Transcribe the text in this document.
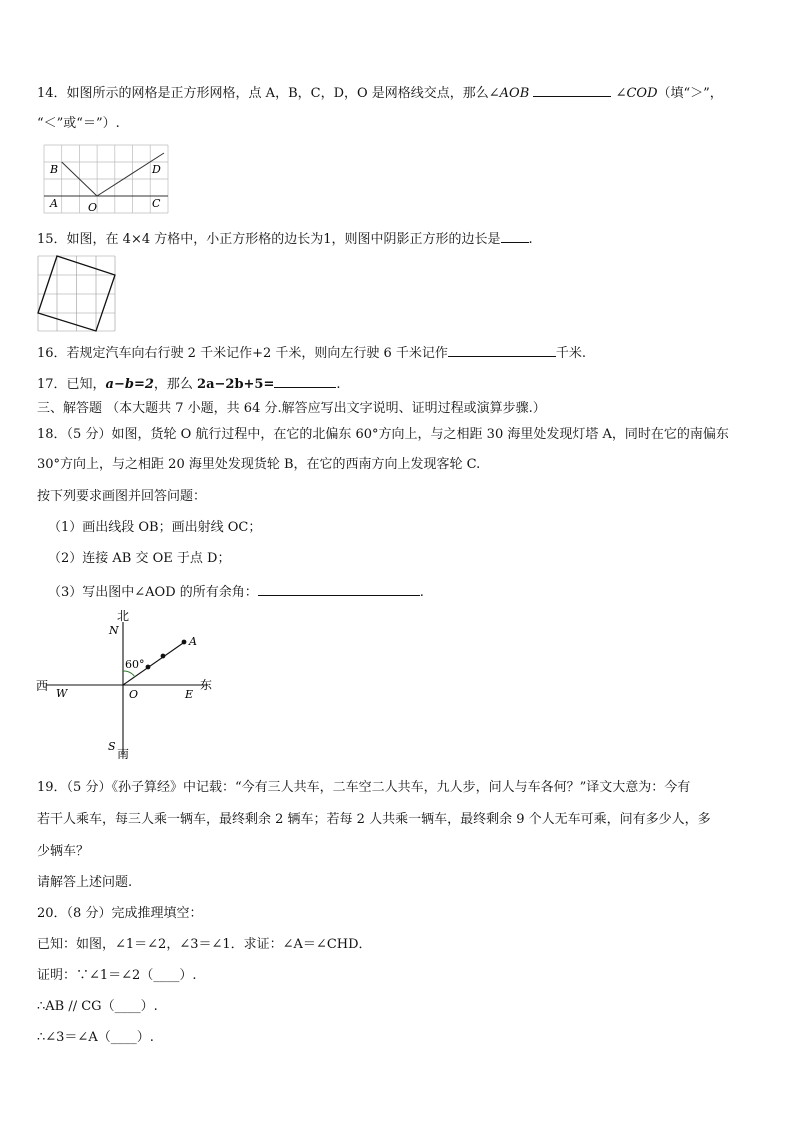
14．如图所示的网格是正方形网格，点 A，B，C，D，O 是网格线交点，那么∠AOB	∠COD（填“＞”，
“＜”或“＝”）.
B	D
A	O	C
15．如图，在 4×4 方格中，小正方形格的边长为1，则图中阴影正方形的边长是 .
16．若规定汽车向右行驶 2 千米记作+2 千米，则向左行驶 6 千米记作	千米.
17．已知，a−b=2，那么 2a−2b+5=	.
三、解答题 （本大题共 7 小题，共 64 分.解答应写出文字说明、证明过程或演算步骤.）
18．（5 分）如图，货轮 O 航行过程中，在它的北偏东 60°方向上，与之相距 30 海里处发现灯塔 A，同时在它的南偏东
30°方向上，与之相距 20 海里处发现货轮 B，在它的西南方向上发现客轮 C.
按下列要求画图并回答问题：
（1）画出线段 OB；画出射线 OC；
（2）连接 AB 交 OE 于点 D；
（3）写出图中∠AOD 的所有余角：	.
北
N
60°
A
西
W	O	E
东
S
南
19．（5 分）《孙子算经》中记载：“今有三人共车，二车空二人共车，九人步，问人与车各何？”译文大意为：今有
若干人乘车，每三人乘一辆车，最终剩余 2 辆车；若每 2 人共乘一辆车，最终剩余 9 个人无车可乘，问有多少人，多
少辆车？
请解答上述问题.
20．（8 分）完成推理填空：
已知：如图，∠1＝∠2，∠3＝∠1．求证：∠A＝∠CHD．
证明：∵∠1＝∠2（____）.
∴AB // CG（____）.
∴∠3＝∠A（____）.
